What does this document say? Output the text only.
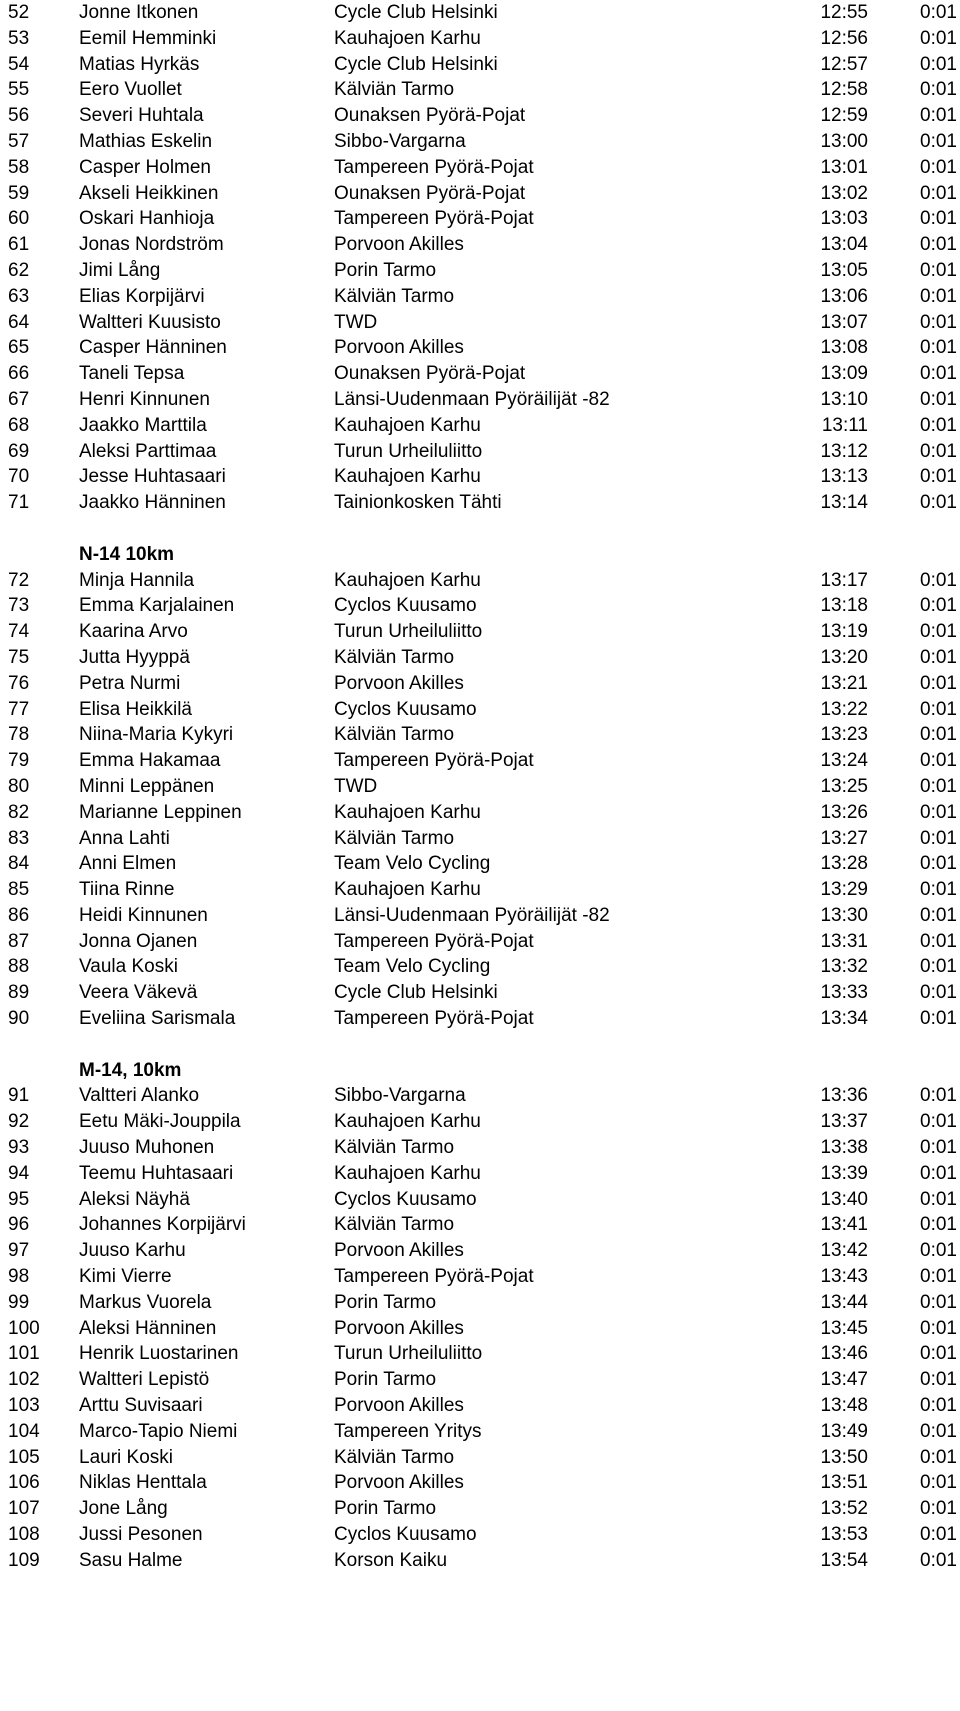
52	Jonne Itkonen	Cycle Club Helsinki	12:55	0:01
53	Eemil Hemminki	Kauhajoen Karhu	12:56	0:01
54	Matias Hyrkäs	Cycle Club Helsinki	12:57	0:01
55	Eero Vuollet	Kälviän Tarmo	12:58	0:01
56	Severi Huhtala	Ounaksen Pyörä-Pojat	12:59	0:01
57	Mathias Eskelin	Sibbo-Vargarna	13:00	0:01
58	Casper Holmen	Tampereen Pyörä-Pojat	13:01	0:01
59	Akseli Heikkinen	Ounaksen Pyörä-Pojat	13:02	0:01
60	Oskari Hanhioja	Tampereen Pyörä-Pojat	13:03	0:01
61	Jonas Nordström	Porvoon Akilles	13:04	0:01
62	Jimi Lång	Porin Tarmo	13:05	0:01
63	Elias Korpijärvi	Kälviän Tarmo	13:06	0:01
64	Waltteri Kuusisto	TWD	13:07	0:01
65	Casper Hänninen	Porvoon Akilles	13:08	0:01
66	Taneli Tepsa	Ounaksen Pyörä-Pojat	13:09	0:01
67	Henri Kinnunen	Länsi-Uudenmaan Pyöräilijät -82	13:10	0:01
68	Jaakko Marttila	Kauhajoen Karhu	13:11	0:01
69	Aleksi Parttimaa	Turun Urheiluliitto	13:12	0:01
70	Jesse Huhtasaari	Kauhajoen Karhu	13:13	0:01
71	Jaakko Hänninen	Tainionkosken Tähti	13:14	0:01
N-14 10km
72	Minja Hannila	Kauhajoen Karhu	13:17	0:01
73	Emma Karjalainen	Cyclos Kuusamo	13:18	0:01
74	Kaarina Arvo	Turun Urheiluliitto	13:19	0:01
75	Jutta Hyyppä	Kälviän Tarmo	13:20	0:01
76	Petra Nurmi	Porvoon Akilles	13:21	0:01
77	Elisa Heikkilä	Cyclos Kuusamo	13:22	0:01
78	Niina-Maria Kykyri	Kälviän Tarmo	13:23	0:01
79	Emma Hakamaa	Tampereen Pyörä-Pojat	13:24	0:01
80	Minni Leppänen	TWD	13:25	0:01
82	Marianne Leppinen	Kauhajoen Karhu	13:26	0:01
83	Anna Lahti	Kälviän Tarmo	13:27	0:01
84	Anni Elmen	Team Velo Cycling	13:28	0:01
85	Tiina Rinne	Kauhajoen Karhu	13:29	0:01
86	Heidi Kinnunen	Länsi-Uudenmaan Pyöräilijät -82	13:30	0:01
87	Jonna Ojanen	Tampereen Pyörä-Pojat	13:31	0:01
88	Vaula Koski	Team Velo Cycling	13:32	0:01
89	Veera Väkevä	Cycle Club Helsinki	13:33	0:01
90	Eveliina Sarismala	Tampereen Pyörä-Pojat	13:34	0:01
M-14, 10km
91	Valtteri Alanko	Sibbo-Vargarna	13:36	0:01
92	Eetu Mäki-Jouppila	Kauhajoen Karhu	13:37	0:01
93	Juuso Muhonen	Kälviän Tarmo	13:38	0:01
94	Teemu Huhtasaari	Kauhajoen Karhu	13:39	0:01
95	Aleksi Näyhä	Cyclos Kuusamo	13:40	0:01
96	Johannes Korpijärvi	Kälviän Tarmo	13:41	0:01
97	Juuso Karhu	Porvoon Akilles	13:42	0:01
98	Kimi Vierre	Tampereen Pyörä-Pojat	13:43	0:01
99	Markus Vuorela	Porin Tarmo	13:44	0:01
100 Aleksi Hänninen	Porvoon Akilles	13:45	0:01
101 Henrik Luostarinen	Turun Urheiluliitto	13:46	0:01
102 Waltteri Lepistö	Porin Tarmo	13:47	0:01
103 Arttu Suvisaari	Porvoon Akilles	13:48	0:01
104 Marco-Tapio Niemi	Tampereen Yritys	13:49	0:01
105 Lauri Koski	Kälviän Tarmo	13:50	0:01
106 Niklas Henttala	Porvoon Akilles	13:51	0:01
107 Jone Lång	Porin Tarmo	13:52	0:01
108 Jussi Pesonen	Cyclos Kuusamo	13:53	0:01
109 Sasu Halme	Korson Kaiku	13:54	0:01
